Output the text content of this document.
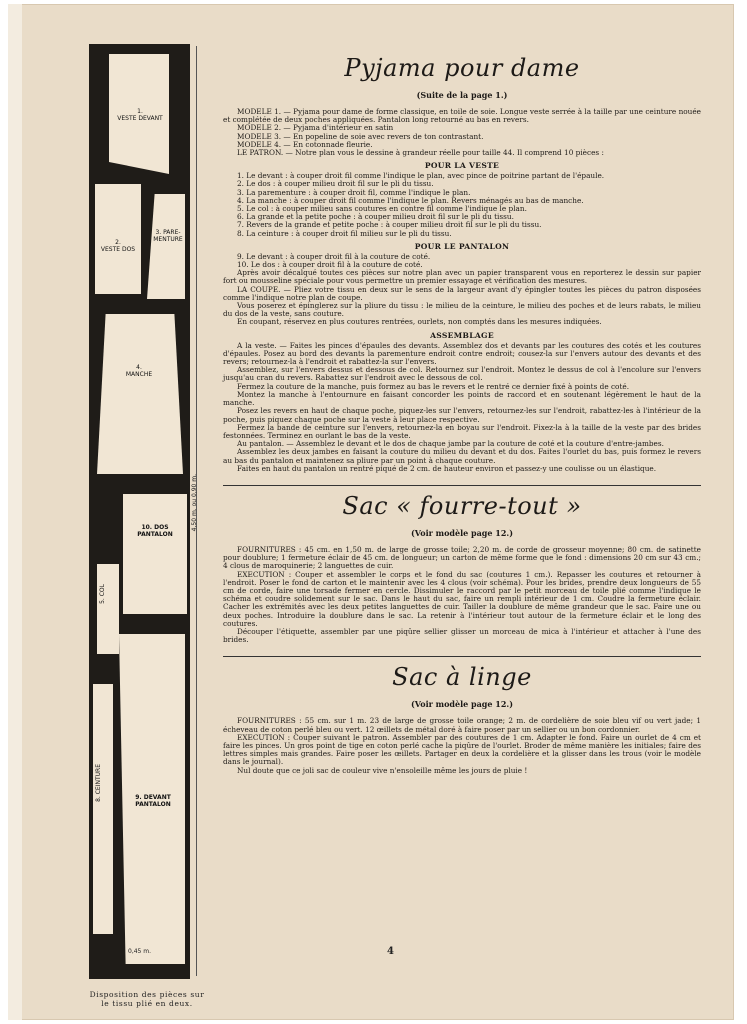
1.
VESTE DEVANT
2.
VESTE DOS
3. PARE-
MENTURE
4.
MANCHE
10. DOS
PANTALON
5. COL
8. CEINTURE	9. DEVANT
PANTALON
4,50 m. ou 0,90 m.
0,45 m.
Disposition des pièces sur le tissu plié en deux.
Pyjama pour dame
(Suite de la page 1.)

MODELE 1. — Pyjama pour dame de forme classique, en toile de soie. Longue veste serrée à la taille par une ceinture nouée et complétée de deux poches appliquées. Pantalon long retourné au bas en revers.

MODELE 2. — Pyjama d'intérieur en satin

MODELE 3. — En popeline de soie avec revers de ton contrastant.

MODELE 4. — En cotonnade fleurie.

LE PATRON. — Notre plan vous le dessine à grandeur réelle pour taille 44. Il comprend 10 pièces :

POUR LA VESTE

1. Le devant : à couper droit fil comme l'indique le plan, avec pince de poitrine partant de l'épaule.

2. Le dos : à couper milieu droit fil sur le pli du tissu.

3. La parementure : à couper droit fil, comme l'indique le plan.

4. La manche : à couper droit fil comme l'indique le plan. Revers ménagés au bas de manche.

5. Le col : à couper milieu sans coutures en contre fil comme l'indique le plan.

6. La grande et la petite poche : à couper milieu droit fil sur le pli du tissu.

7. Revers de la grande et petite poche : à couper milieu droit fil sur le pli du tissu.

8. La ceinture : à couper droit fil milieu sur le pli du tissu.

POUR LE PANTALON

9. Le devant : à couper droit fil à la couture de coté.

10. Le dos : à couper droit fil à la couture de coté.

Après avoir décalqué toutes ces pièces sur notre plan avec un papier transparent vous en reporterez le dessin sur papier fort ou mousseline spéciale pour vous permettre un premier essayage et vérification des mesures.

LA COUPE. — Pliez votre tissu en deux sur le sens de la largeur avant d'y épingler toutes les pièces du patron disposées comme l'indique notre plan de coupe.

Vous poserez et épinglerez sur la pliure du tissu : le milieu de la ceinture, le milieu des poches et de leurs rabats, le milieu du dos de la veste, sans couture.

En coupant, réservez en plus coutures rentrées, ourlets, non comptés dans les mesures indiquées.

ASSEMBLAGE

A la veste. — Faites les pinces d'épaules des devants. Assemblez dos et devants par les coutures des cotés et les coutures d'épaules. Posez au bord des devants la parementure endroit contre endroit; cousez-la sur l'envers autour des devants et des revers; retournez-la à l'endroit et rabattez-la sur l'envers.

Assemblez, sur l'envers dessus et dessous de col. Retournez sur l'endroit. Montez le dessus de col à l'encolure sur l'envers jusqu'au cran du revers. Rabattez sur l'endroit avec le dessous de col.

Fermez la couture de la manche, puis formez au bas le revers et le rentré ce dernier fixé à points de coté.

Montez la manche à l'entournure en faisant concorder les points de raccord et en soutenant légèrement le haut de la manche.

Posez les revers en haut de chaque poche, piquez-les sur l'envers, retournez-les sur l'endroit, rabattez-les à l'intérieur de la poche, puis piquez chaque poche sur la veste à leur place respective.

Fermez la bande de ceinture sur l'envers, retournez-la en boyau sur l'endroit. Fixez-la à la taille de la veste par des brides festonnées. Terminez en ourlant le bas de la veste.

Au pantalon. — Assemblez le devant et le dos de chaque jambe par la couture de coté et la couture d'entre-jambes.

Assemblez les deux jambes en faisant la couture du milieu du devant et du dos. Faites l'ourlet du bas, puis formez le revers au bas du pantalon et maintenez sa pliure par un point à chaque couture.

Faites en haut du pantalon un rentré piqué de 2 cm. de hauteur environ et passez-y une coulisse ou un élastique.

Sac « fourre-tout »
(Voir modèle page 12.)

FOURNITURES : 45 cm. en 1,50 m. de large de grosse toile; 2,20 m. de corde de grosseur moyenne; 80 cm. de satinette pour doublure; 1 fermeture éclair de 45 cm. de longueur; un carton de même forme que le fond : dimensions 20 cm sur 43 cm.; 4 clous de maroquinerie; 2 languettes de cuir.

EXECUTION : Couper et assembler le corps et le fond du sac (coutures 1 cm.). Repasser les coutures et retourner à l'endroit. Poser le fond de carton et le maintenir avec les 4 clous (voir schéma). Pour les brides, prendre deux longueurs de 55 cm de corde, faire une torsade fermer en cercle. Dissimuler le raccord par le petit morceau de toile plié comme l'indique le schéma et coudre solidement sur le sac. Dans le haut du sac, faire un rempli intérieur de 1 cm. Coudre la fermeture éclair. Cacher les extrémités avec les deux petites languettes de cuir. Tailler la doublure de même grandeur que le sac. Faire une ou deux poches. Introduire la doublure dans le sac. La retenir à l'intérieur tout autour de la fermeture éclair et le long des coutures.

Découper l'étiquette, assembler par une piqûre sellier glisser un morceau de mica à l'intérieur et attacher à l'une des brides.

Sac à linge
(Voir modèle page 12.)

FOURNITURES : 55 cm. sur 1 m. 23 de large de grosse toile orange; 2 m. de cordelière de soie bleu vif ou vert jade; 1 écheveau de coton perlé bleu ou vert. 12 œillets de métal doré à faire poser par un sellier ou un bon cordonnier.

EXECUTION : Couper suivant le patron. Assembler par des coutures de 1 cm. Adapter le fond. Faire un ourlet de 4 cm et faire les pinces. Un gros point de tige en coton perlé cache la piqûre de l'ourlet. Broder de même manière les initiales; faire des lettres simples mais grandes. Faire poser les œillets. Partager en deux la cordelière et la glisser dans les trous (voir le modèle dans le journal).

Nul doute que ce joli sac de couleur vive n'ensoleille même les jours de pluie !

4
